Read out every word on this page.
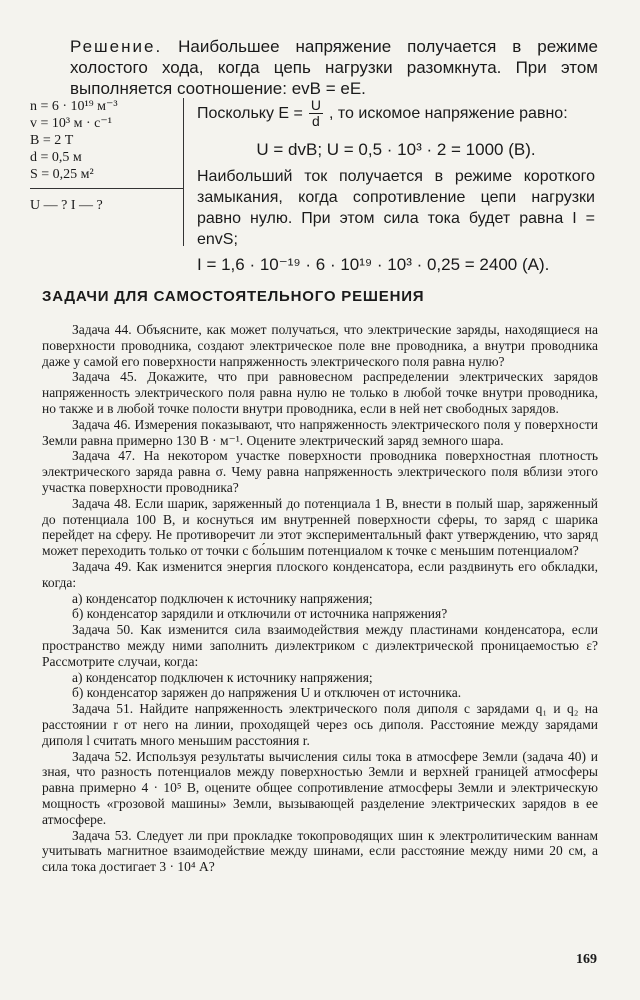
Решение. Наибольшее напряжение получается в режиме холостого хода, когда цепь нагрузки разомкнута. При этом выполняется соотношение: evB = eE.

n = 6 · 10¹⁹ м⁻³
v = 10³ м · с⁻¹
B = 2 Т
d = 0,5 м
S = 0,25 м²
U — ? I — ?
Поскольку $E = \frac{U}{d}$ , то искомое напряжение равно:
U = dvB; U = 0,5 · 10³ · 2 = 1000 (В).

Наибольший ток получается в режиме короткого замыкания, когда сопротивление цепи нагрузки равно нулю. При этом сила тока будет равна I = envS;

I = 1,6 · 10⁻¹⁹ · 6 · 10¹⁹ · 10³ · 0,25 = 2400 (А).
ЗАДАЧИ ДЛЯ САМОСТОЯТЕЛЬНОГО РЕШЕНИЯ

Задача 44. Объясните, как может получаться, что электрические заряды, находящиеся на поверхности проводника, создают электрическое поле вне проводника, а внутри проводника даже у самой его поверхности напряженность электрического поля равна нулю?

Задача 45. Докажите, что при равновесном распределении электрических зарядов напряженность электрического поля равна нулю не только в любой точке внутри проводника, но также и в любой точке полости внутри проводника, если в ней нет свободных зарядов.

Задача 46. Измерения показывают, что напряженность электрического поля у поверхности Земли равна примерно 130 В · м⁻¹. Оцените электрический заряд земного шара.

Задача 47. На некотором участке поверхности проводника поверхностная плотность электрического заряда равна σ. Чему равна напряженность электрического поля вблизи этого участка поверхности проводника?

Задача 48. Если шарик, заряженный до потенциала 1 В, внести в полый шар, заряженный до потенциала 100 В, и коснуться им внутренней поверхности сферы, то заряд с шарика перейдет на сферу. Не противоречит ли этот экспериментальный факт утверждению, что заряд может переходить только от точки с бо́льшим потенциалом к точке с меньшим потенциалом?

Задача 49. Как изменится энергия плоского конденсатора, если раздвинуть его обкладки, когда:

а) конденсатор подключен к источнику напряжения;

б) конденсатор зарядили и отключили от источника напряжения?

Задача 50. Как изменится сила взаимодействия между пластинами конденсатора, если пространство между ними заполнить диэлектриком с диэлектрической проницаемостью ε? Рассмотрите случаи, когда:

а) конденсатор подключен к источнику напряжения;

б) конденсатор заряжен до напряжения U и отключен от источника.

Задача 51. Найдите напряженность электрического поля диполя с зарядами q₁ и q₂ на расстоянии r от него на линии, проходящей через ось диполя. Расстояние между зарядами диполя l считать много меньшим расстояния r.

Задача 52. Используя результаты вычисления силы тока в атмосфере Земли (задача 40) и зная, что разность потенциалов между поверхностью Земли и верхней границей атмосферы равна примерно 4 · 10⁵ В, оцените общее сопротивление атмосферы Земли и электрическую мощность «грозовой машины» Земли, вызывающей разделение электрических зарядов в ее атмосфере.

Задача 53. Следует ли при прокладке токопроводящих шин к электролитическим ваннам учитывать магнитное взаимодействие между шинами, если расстояние между ними 20 см, а сила тока достигает 3 · 10⁴ А?

169
